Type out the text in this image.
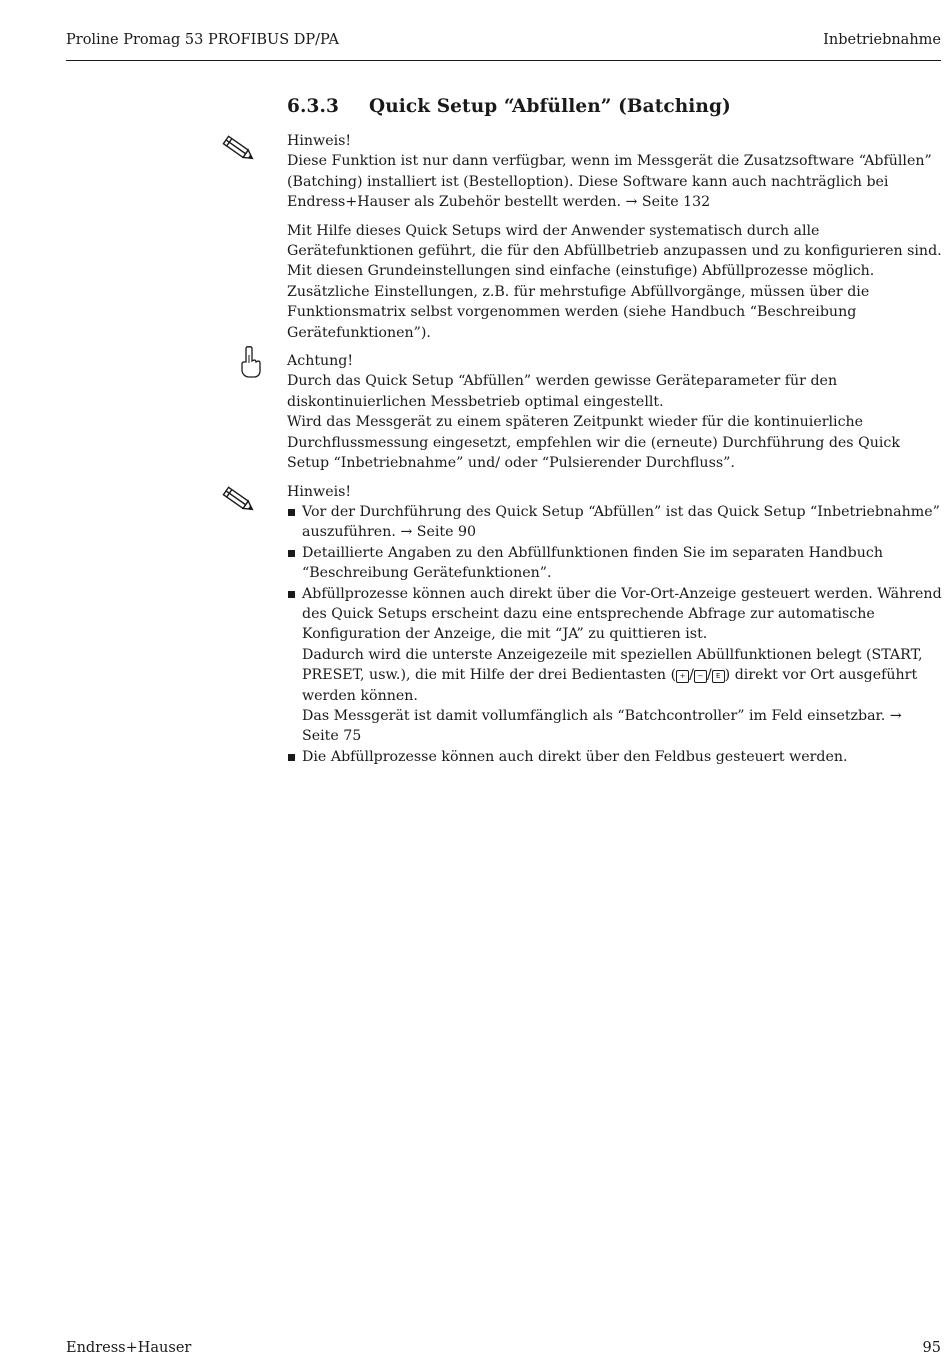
Proline Promag 53 PROFIBUS DP/PA	Inbetriebnahme
6.3.3 Quick Setup “Abfüllen” (Batching)

Hinweis!

Diese Funktion ist nur dann verfügbar, wenn im Messgerät die Zusatzsoftware “Abfüllen” (Batching) installiert ist (Bestelloption). Diese Software kann auch nachträglich bei Endress+Hauser als Zubehör bestellt werden. → Seite 132

Mit Hilfe dieses Quick Setups wird der Anwender systematisch durch alle Gerätefunktionen geführt, die für den Abfüllbetrieb anzupassen und zu konfigurieren sind. Mit diesen Grundeinstellungen sind einfache (einstufige) Abfüllprozesse möglich.

Zusätzliche Einstellungen, z.B. für mehrstufige Abfüllvorgänge, müssen über die Funktionsmatrix selbst vorgenommen werden (siehe Handbuch “Beschreibung Gerätefunktionen”).

Achtung!

Durch das Quick Setup “Abfüllen” werden gewisse Geräteparameter für den diskontinuierlichen Messbetrieb optimal eingestellt.

Wird das Messgerät zu einem späteren Zeitpunkt wieder für die kontinuierliche Durchflussmessung eingesetzt, empfehlen wir die (erneute) Durchführung des Quick Setup “Inbetriebnahme” und/ oder “Pulsierender Durchfluss”.

Hinweis!

Vor der Durchführung des Quick Setup “Abfüllen” ist das Quick Setup “Inbetriebnahme” auszuführen. → Seite 90
Detaillierte Angaben zu den Abfüllfunktionen finden Sie im separaten Handbuch “Beschreibung Gerätefunktionen”.
Abfüllprozesse können auch direkt über die Vor-Ort-Anzeige gesteuert werden. Während des Quick Setups erscheint dazu eine entsprechende Abfrage zur automatische Konfiguration der Anzeige, die mit “JA” zu quittieren ist.
Dadurch wird die unterste Anzeigezeile mit speziellen Abüllfunktionen belegt (START, PRESET, usw.), die mit Hilfe der drei Bedientasten ( + / − / E ) direkt vor Ort ausgeführt werden können.
Das Messgerät ist damit vollumfänglich als “Batchcontroller” im Feld einsetzbar. → Seite 75
Die Abfüllprozesse können auch direkt über den Feldbus gesteuert werden.
Endress+Hauser	95
